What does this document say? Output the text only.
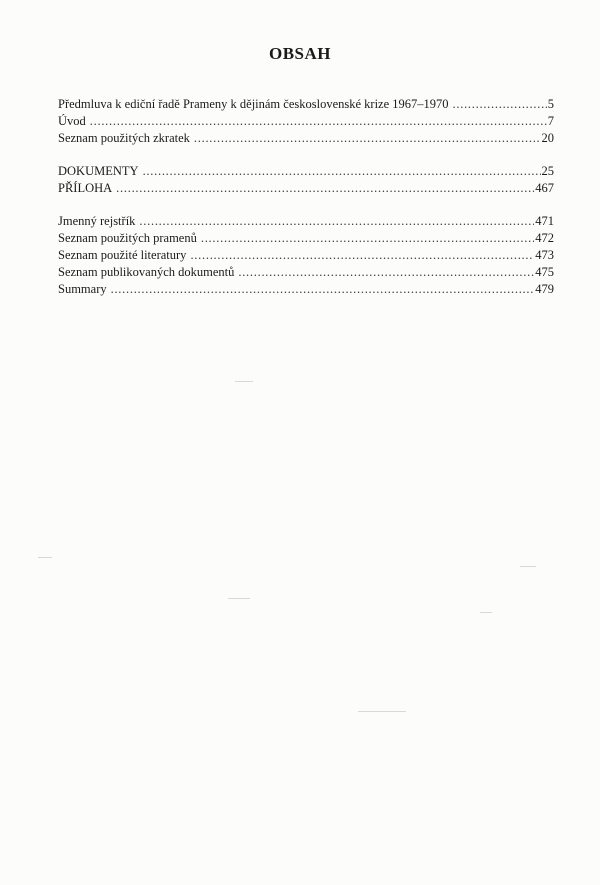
OBSAH
Předmluva k ediční řadě Prameny k dějinám československé krize 1967–1970 . . .	5
Úvod . . .	7
Seznam použitých zkratek . . .	20
DOKUMENTY . . .	25
PŘÍLOHA . . .	467
Jmenný rejstřík . . .	471
Seznam použitých pramenů . . .	472
Seznam použité literatury . . .	473
Seznam publikovaných dokumentů . . .	475
Summary . . .	479
